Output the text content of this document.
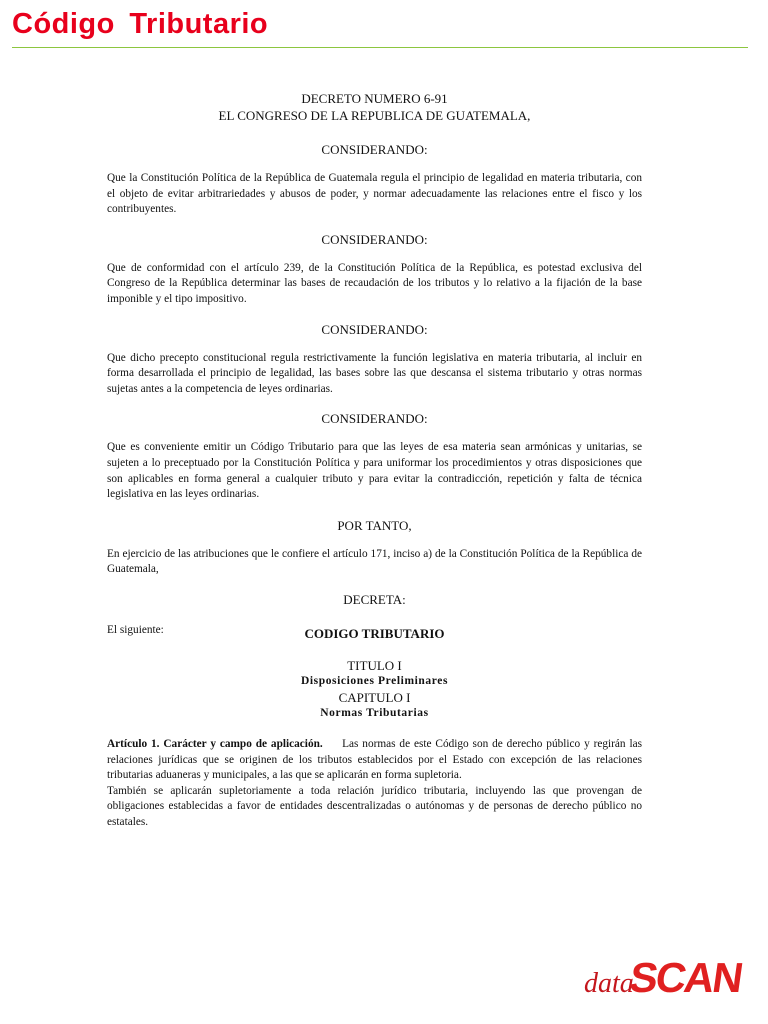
Código Tributario
DECRETO NUMERO 6-91
EL CONGRESO DE LA REPUBLICA DE GUATEMALA,
CONSIDERANDO:

Que la Constitución Política de la República de Guatemala regula el principio de legalidad en materia tributaria, con el objeto de evitar arbitrariedades y abusos de poder, y normar adecuadamente las relaciones entre el fisco y los contribuyentes.

CONSIDERANDO:

Que de conformidad con el artículo 239, de la Constitución Política de la República, es potestad exclusiva del Congreso de la República determinar las bases de recaudación de los tributos y lo relativo a la fijación de la base imponible y el tipo impositivo.

CONSIDERANDO:

Que dicho precepto constitucional regula restrictivamente la función legislativa en materia tributaria, al incluir en forma desarrollada el principio de legalidad, las bases sobre las que descansa el sistema tributario y otras normas sujetas antes a la competencia de leyes ordinarias.

CONSIDERANDO:

Que es conveniente emitir un Código Tributario para que las leyes de esa materia sean armónicas y unitarias, se sujeten a lo preceptuado por la Constitución Política y para uniformar los procedimientos y otras disposiciones que son aplicables en forma general a cualquier tributo y para evitar la contradicción, repetición y falta de técnica legislativa en las leyes ordinarias.

POR TANTO,

En ejercicio de las atribuciones que le confiere el artículo 171, inciso a) de la Constitución Política de la República de Guatemala,

DECRETA:
El siguiente:	CODIGO TRIBUTARIO
TITULO I
Disposiciones Preliminares
CAPITULO I
Normas Tributarias

Artículo 1. Carácter y campo de aplicación. Las normas de este Código son de derecho público y regirán las relaciones jurídicas que se originen de los tributos establecidos por el Estado con excepción de las relaciones tributarias aduaneras y municipales, a las que se aplicarán en forma supletoria.

También se aplicarán supletoriamente a toda relación jurídico tributaria, incluyendo las que provengan de obligaciones establecidas a favor de entidades descentralizadas o autónomas y de personas de derecho público no estatales.

data
SCAN
